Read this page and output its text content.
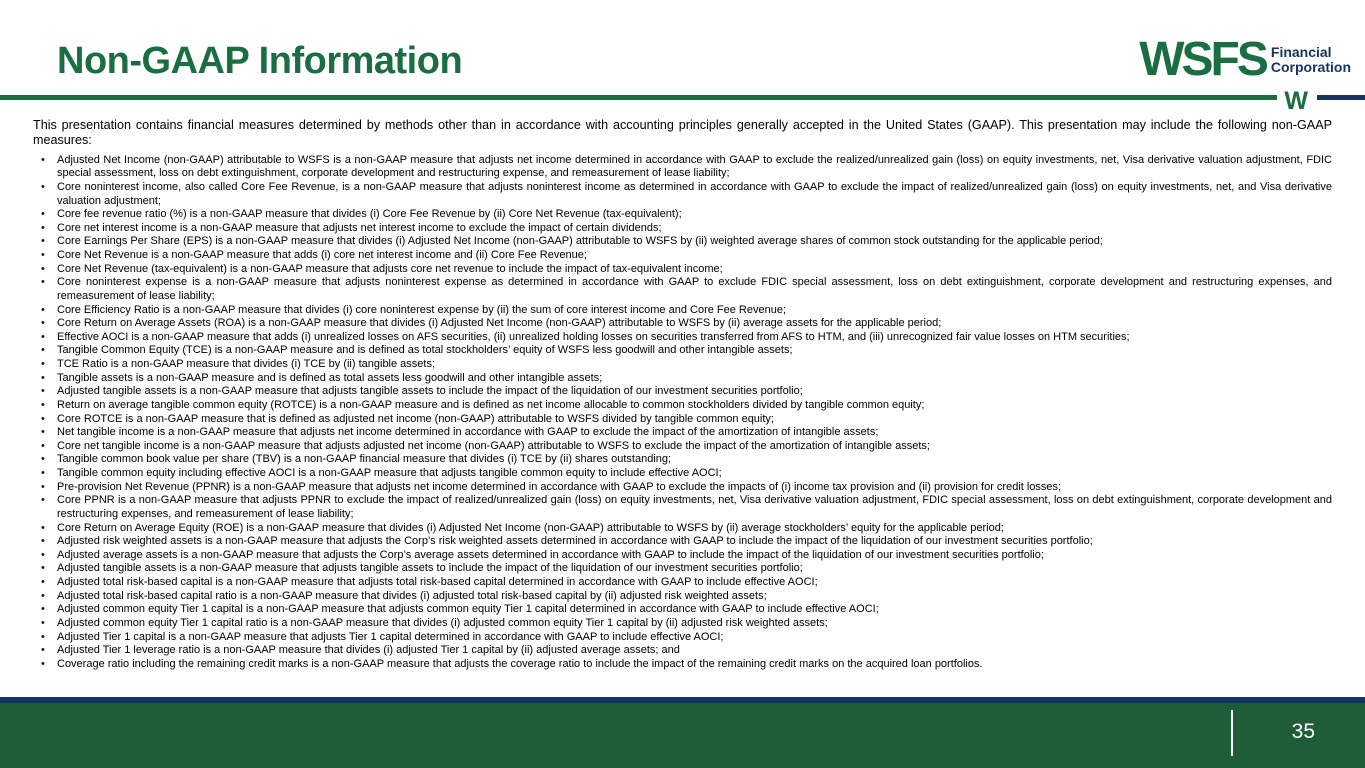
Non-GAAP Information	WSFS Financial
Corporation
W

This presentation contains financial measures determined by methods other than in accordance with accounting principles generally accepted in the United States (GAAP). This presentation may include the following non-GAAP measures:

• Adjusted Net Income (non-GAAP) attributable to WSFS is a non-GAAP measure that adjusts net income determined in accordance with GAAP to exclude the realized/unrealized gain (loss) on equity investments, net, Visa derivative valuation adjustment, FDIC special assessment, loss on debt extinguishment, corporate development and restructuring expense, and remeasurement of lease liability;
• Core noninterest income, also called Core Fee Revenue, is a non-GAAP measure that adjusts noninterest income as determined in accordance with GAAP to exclude the impact of realized/unrealized gain (loss) on equity investments, net, and Visa derivative valuation adjustment;
• Core fee revenue ratio (%) is a non-GAAP measure that divides (i) Core Fee Revenue by (ii) Core Net Revenue (tax-equivalent);
• Core net interest income is a non-GAAP measure that adjusts net interest income to exclude the impact of certain dividends;
• Core Earnings Per Share (EPS) is a non-GAAP measure that divides (i) Adjusted Net Income (non-GAAP) attributable to WSFS by (ii) weighted average shares of common stock outstanding for the applicable period;
• Core Net Revenue is a non-GAAP measure that adds (i) core net interest income and (ii) Core Fee Revenue;
• Core Net Revenue (tax-equivalent) is a non-GAAP measure that adjusts core net revenue to include the impact of tax-equivalent income;
• Core noninterest expense is a non-GAAP measure that adjusts noninterest expense as determined in accordance with GAAP to exclude FDIC special assessment, loss on debt extinguishment, corporate development and restructuring expenses, and remeasurement of lease liability;
• Core Efficiency Ratio is a non-GAAP measure that divides (i) core noninterest expense by (ii) the sum of core interest income and Core Fee Revenue;
• Core Return on Average Assets (ROA) is a non-GAAP measure that divides (i) Adjusted Net Income (non-GAAP) attributable to WSFS by (ii) average assets for the applicable period;
• Effective AOCI is a non-GAAP measure that adds (i) unrealized losses on AFS securities, (ii) unrealized holding losses on securities transferred from AFS to HTM, and (iii) unrecognized fair value losses on HTM securities;
• Tangible Common Equity (TCE) is a non-GAAP measure and is defined as total stockholders’ equity of WSFS less goodwill and other intangible assets;
• TCE Ratio is a non-GAAP measure that divides (i) TCE by (ii) tangible assets;
• Tangible assets is a non-GAAP measure and is defined as total assets less goodwill and other intangible assets;
• Adjusted tangible assets is a non-GAAP measure that adjusts tangible assets to include the impact of the liquidation of our investment securities portfolio;
• Return on average tangible common equity (ROTCE) is a non-GAAP measure and is defined as net income allocable to common stockholders divided by tangible common equity;
• Core ROTCE is a non-GAAP measure that is defined as adjusted net income (non-GAAP) attributable to WSFS divided by tangible common equity;
• Net tangible income is a non-GAAP measure that adjusts net income determined in accordance with GAAP to exclude the impact of the amortization of intangible assets;
• Core net tangible income is a non-GAAP measure that adjusts adjusted net income (non-GAAP) attributable to WSFS to exclude the impact of the amortization of intangible assets;
• Tangible common book value per share (TBV) is a non-GAAP financial measure that divides (i) TCE by (ii) shares outstanding;
• Tangible common equity including effective AOCI is a non-GAAP measure that adjusts tangible common equity to include effective AOCI;
• Pre-provision Net Revenue (PPNR) is a non-GAAP measure that adjusts net income determined in accordance with GAAP to exclude the impacts of (i) income tax provision and (ii) provision for credit losses;
• Core PPNR is a non-GAAP measure that adjusts PPNR to exclude the impact of realized/unrealized gain (loss) on equity investments, net, Visa derivative valuation adjustment, FDIC special assessment, loss on debt extinguishment, corporate development and restructuring expenses, and remeasurement of lease liability;
• Core Return on Average Equity (ROE) is a non-GAAP measure that divides (i) Adjusted Net Income (non-GAAP) attributable to WSFS by (ii) average stockholders’ equity for the applicable period;
• Adjusted risk weighted assets is a non-GAAP measure that adjusts the Corp’s risk weighted assets determined in accordance with GAAP to include the impact of the liquidation of our investment securities portfolio;
• Adjusted average assets is a non-GAAP measure that adjusts the Corp’s average assets determined in accordance with GAAP to include the impact of the liquidation of our investment securities portfolio;
• Adjusted tangible assets is a non-GAAP measure that adjusts tangible assets to include the impact of the liquidation of our investment securities portfolio;
• Adjusted total risk-based capital is a non-GAAP measure that adjusts total risk-based capital determined in accordance with GAAP to include effective AOCI;
• Adjusted total risk-based capital ratio is a non-GAAP measure that divides (i) adjusted total risk-based capital by (ii) adjusted risk weighted assets;
• Adjusted common equity Tier 1 capital is a non-GAAP measure that adjusts common equity Tier 1 capital determined in accordance with GAAP to include effective AOCI;
• Adjusted common equity Tier 1 capital ratio is a non-GAAP measure that divides (i) adjusted common equity Tier 1 capital by (ii) adjusted risk weighted assets;
• Adjusted Tier 1 capital is a non-GAAP measure that adjusts Tier 1 capital determined in accordance with GAAP to include effective AOCI;
• Adjusted Tier 1 leverage ratio is a non-GAAP measure that divides (i) adjusted Tier 1 capital by (ii) adjusted average assets; and
• Coverage ratio including the remaining credit marks is a non-GAAP measure that adjusts the coverage ratio to include the impact of the remaining credit marks on the acquired loan portfolios.
35
